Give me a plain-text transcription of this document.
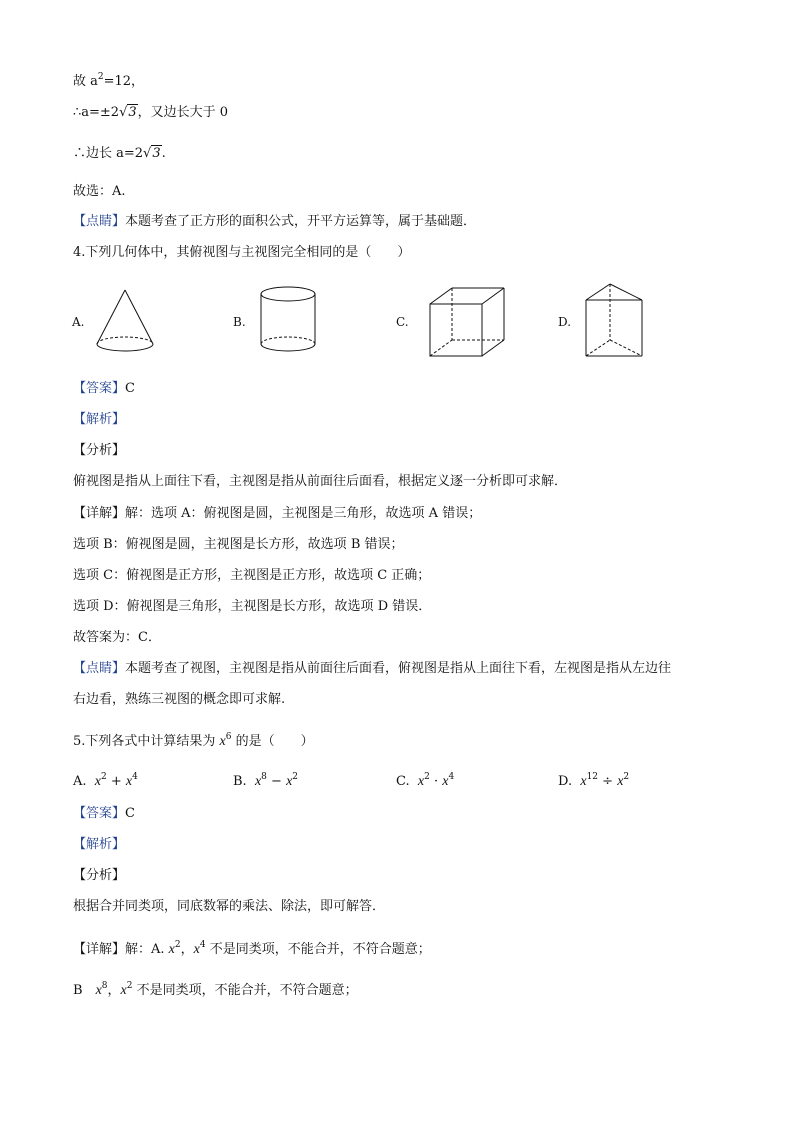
故 $a^2=12$，
∴a=±2√3，又边长大于 0
∴边长 a=2√3.
故选：A.
【点睛】本题考查了正方形的面积公式，开平方运算等，属于基础题．
4.下列几何体中，其俯视图与主视图完全相同的是（　　）
A.	B.	C.	D.
【答案】C
【解析】
【分析】
俯视图是指从上面往下看，主视图是指从前面往后面看，根据定义逐一分析即可求解．
【详解】解：选项 A：俯视图是圆，主视图是三角形，故选项 A 错误；
选项 B：俯视图是圆，主视图是长方形，故选项 B 错误；
选项 C：俯视图是正方形，主视图是正方形，故选项 C 正确；
选项 D：俯视图是三角形，主视图是长方形，故选项 D 错误．
故答案为：C．
【点睛】本题考查了视图，主视图是指从前面往后面看，俯视图是指从上面往下看，左视图是指从左边往
右边看，熟练三视图的概念即可求解.
5.下列各式中计算结果为 $x^6$ 的是（　　）
A. $x^2 + x^4$	B. $x^8 - x^2$	C. $x^2 \cdot x^4$	D. $x^{12} \div x^2$
【答案】C
【解析】
【分析】
根据合并同类项，同底数幂的乘法、除法，即可解答．
【详解】解：A. $x^2$，$x^4$ 不是同类项，不能合并，不符合题意；
B　$x^8$，$x^2$ 不是同类项，不能合并，不符合题意；
